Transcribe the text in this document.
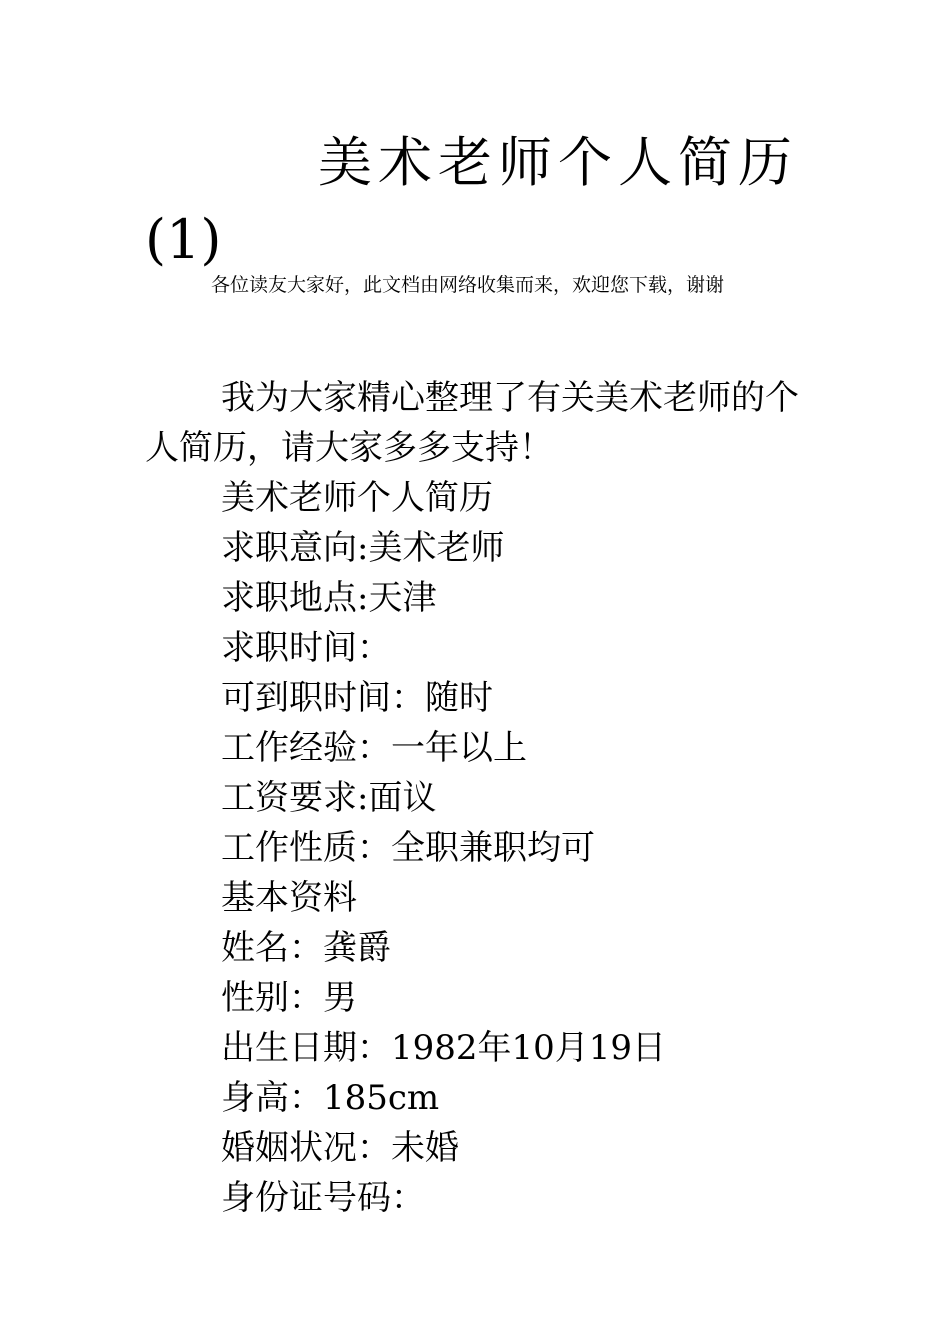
美术老师个人简历
(1)

各位读友大家好，此文档由网络收集而来，欢迎您下载，谢谢

我为大家精心整理了有关美术老师的个人简历，请大家多多支持！

美术老师个人简历
求职意向:美术老师
求职地点:天津
求职时间：
可到职时间：随时
工作经验：一年以上
工资要求:面议
工作性质：全职兼职均可
基本资料
姓名：龚爵
性别：男
出生日期：1982年10月19日
身高：185cm
婚姻状况：未婚
身份证号码：
